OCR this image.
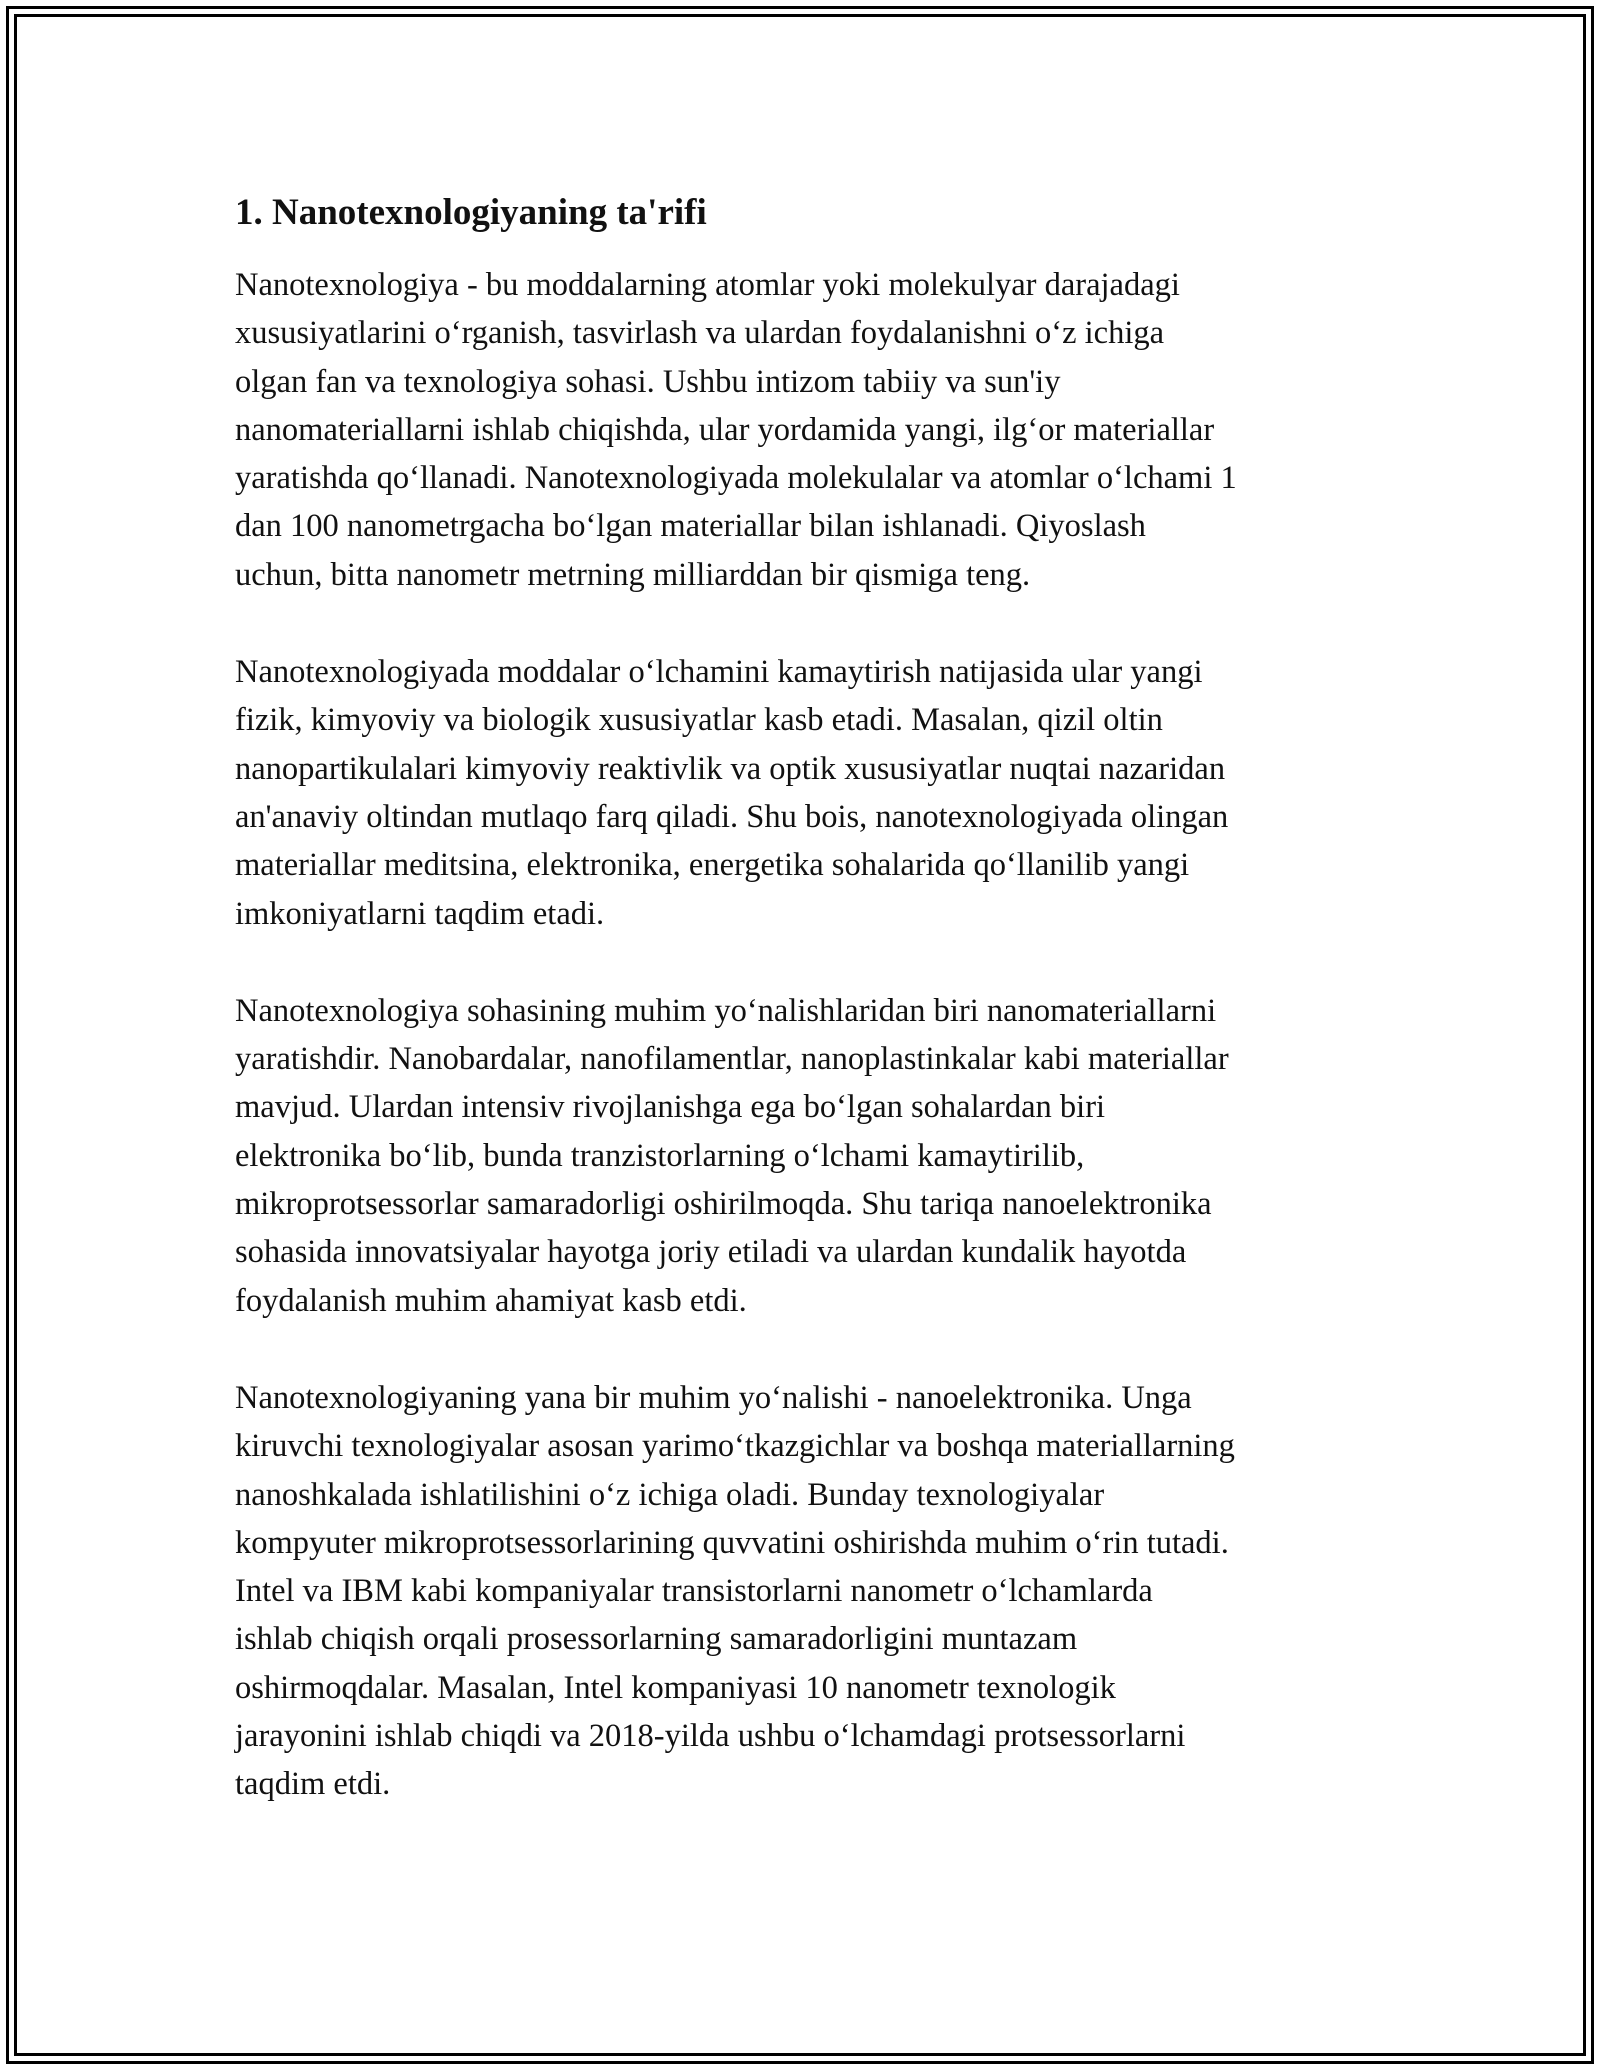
1. Nanotexnologiyaning ta'rifi

Nanotexnologiya - bu moddalarning atomlar yoki molekulyar darajadagi
xususiyatlarini oʻrganish, tasvirlash va ulardan foydalanishni oʻz ichiga
olgan fan va texnologiya sohasi. Ushbu intizom tabiiy va sun'iy
nanomateriallarni ishlab chiqishda, ular yordamida yangi, ilgʻor materiallar
yaratishda qoʻllanadi. Nanotexnologiyada molekulalar va atomlar oʻlchami 1
dan 100 nanometrgacha boʻlgan materiallar bilan ishlanadi. Qiyoslash
uchun, bitta nanometr metrning milliarddan bir qismiga teng.

Nanotexnologiyada moddalar oʻlchamini kamaytirish natijasida ular yangi
fizik, kimyoviy va biologik xususiyatlar kasb etadi. Masalan, qizil oltin
nanopartikulalari kimyoviy reaktivlik va optik xususiyatlar nuqtai nazaridan
an'anaviy oltindan mutlaqo farq qiladi. Shu bois, nanotexnologiyada olingan
materiallar meditsina, elektronika, energetika sohalarida qoʻllanilib yangi
imkoniyatlarni taqdim etadi.

Nanotexnologiya sohasining muhim yoʻnalishlaridan biri nanomateriallarni
yaratishdir. Nanobardalar, nanofilamentlar, nanoplastinkalar kabi materiallar
mavjud. Ulardan intensiv rivojlanishga ega boʻlgan sohalardan biri
elektronika boʻlib, bunda tranzistorlarning oʻlchami kamaytirilib,
mikroprotsessorlar samaradorligi oshirilmoqda. Shu tariqa nanoelektronika
sohasida innovatsiyalar hayotga joriy etiladi va ulardan kundalik hayotda
foydalanish muhim ahamiyat kasb etdi.

Nanotexnologiyaning yana bir muhim yoʻnalishi - nanoelektronika. Unga
kiruvchi texnologiyalar asosan yarimoʻtkazgichlar va boshqa materiallarning
nanoshkalada ishlatilishini oʻz ichiga oladi. Bunday texnologiyalar
kompyuter mikroprotsessorlarining quvvatini oshirishda muhim oʻrin tutadi.
Intel va IBM kabi kompaniyalar transistorlarni nanometr oʻlchamlarda
ishlab chiqish orqali prosessorlarning samaradorligini muntazam
oshirmoqdalar. Masalan, Intel kompaniyasi 10 nanometr texnologik
jarayonini ishlab chiqdi va 2018-yilda ushbu oʻlchamdagi protsessorlarni
taqdim etdi.
